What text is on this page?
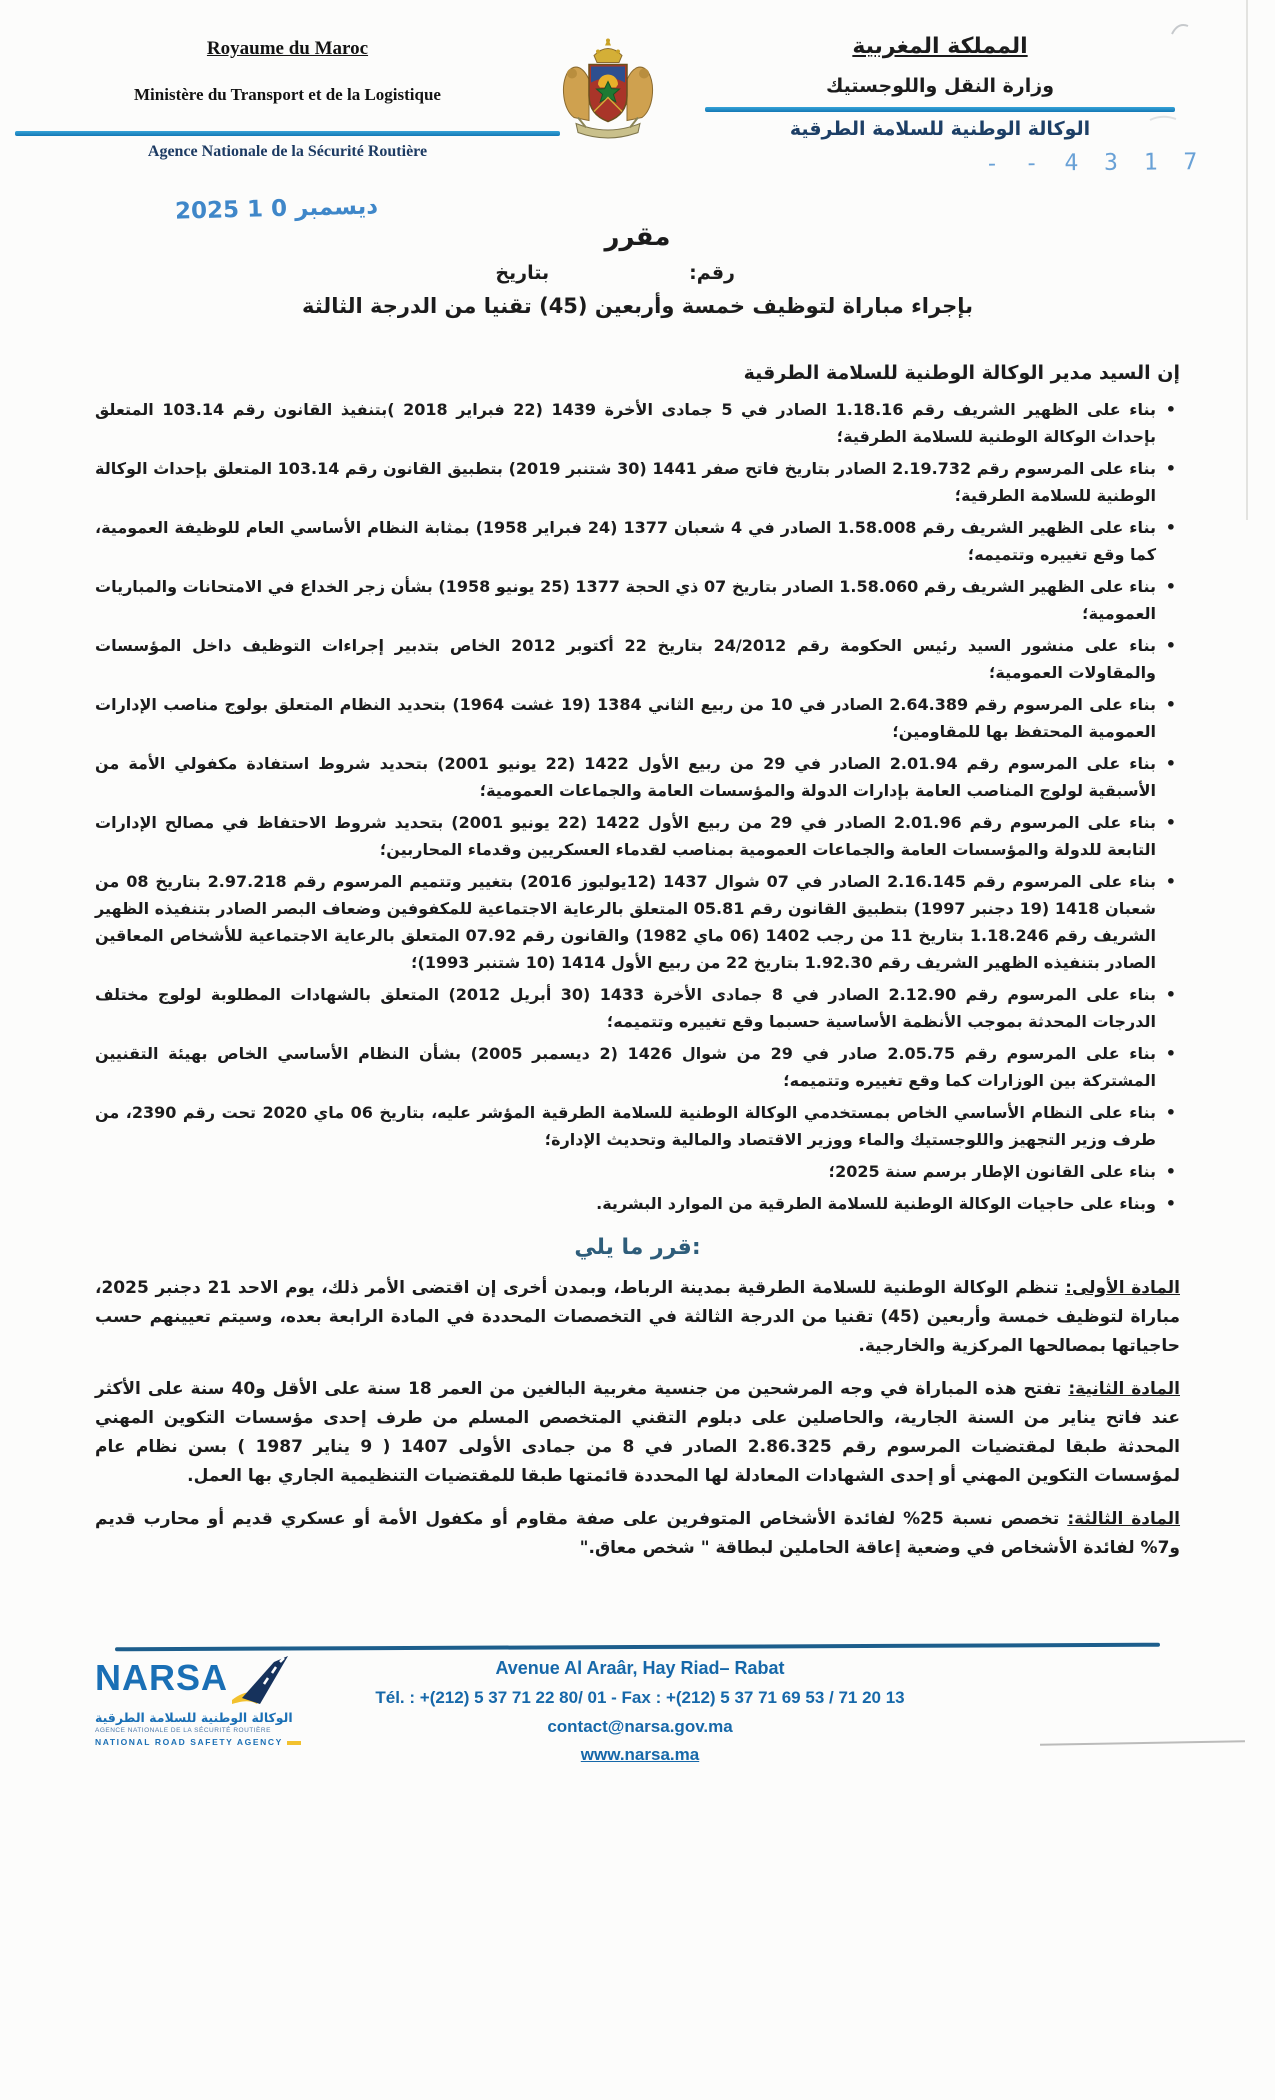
Royaume du Maroc
Ministère du Transport et de la Logistique
Agence Nationale de la Sécurité Routière
المملكة المغربية
وزارة النقل واللوجستيك
الوكالة الوطنية للسلامة الطرقية
- - 4 3 1 7
2025 ديسمبر 0 1
مقرر
رقم:
بتاريخ
بإجراء مباراة لتوظيف خمسة وأربعين (45) تقنيا من الدرجة الثالثة
إن السيد مدير الوكالة الوطنية للسلامة الطرقية
• بناء على الظهير الشريف رقم 1.18.16 الصادر في 5 جمادى الأخرة 1439 (22 فبراير 2018 )بتنفيذ القانون رقم 103.14 المتعلق بإحداث الوكالة الوطنية للسلامة الطرقية؛
• بناء على المرسوم رقم 2.19.732 الصادر بتاريخ فاتح صفر 1441 (30 شتنبر 2019) بتطبيق القانون رقم 103.14 المتعلق بإحداث الوكالة الوطنية للسلامة الطرقية؛
• بناء على الظهير الشريف رقم 1.58.008 الصادر في 4 شعبان 1377 (24 فبراير 1958) بمثابة النظام الأساسي العام للوظيفة العمومية، كما وقع تغييره وتتميمه؛
• بناء على الظهير الشريف رقم 1.58.060 الصادر بتاريخ 07 ذي الحجة 1377 (25 يونيو 1958) بشأن زجر الخداع في الامتحانات والمباريات العمومية؛
• بناء على منشور السيد رئيس الحكومة رقم 24/2012 بتاريخ 22 أكتوبر 2012 الخاص بتدبير إجراءات التوظيف داخل المؤسسات والمقاولات العمومية؛
• بناء على المرسوم رقم 2.64.389 الصادر في 10 من ربيع الثاني 1384 (19 غشت 1964) بتحديد النظام المتعلق بولوج مناصب الإدارات العمومية المحتفظ بها للمقاومين؛
• بناء على المرسوم رقم 2.01.94 الصادر في 29 من ربيع الأول 1422 (22 يونيو 2001) بتحديد شروط استفادة مكفولي الأمة من الأسبقية لولوج المناصب العامة بإدارات الدولة والمؤسسات العامة والجماعات العمومية؛
• بناء على المرسوم رقم 2.01.96 الصادر في 29 من ربيع الأول 1422 (22 يونيو 2001) بتحديد شروط الاحتفاظ في مصالح الإدارات التابعة للدولة والمؤسسات العامة والجماعات العمومية بمناصب لقدماء العسكريين وقدماء المحاربين؛
• بناء على المرسوم رقم 2.16.145 الصادر في 07 شوال 1437 (12يوليوز 2016) بتغيير وتتميم المرسوم رقم 2.97.218 بتاريخ 08 من شعبان 1418 (19 دجنبر 1997) بتطبيق القانون رقم 05.81 المتعلق بالرعاية الاجتماعية للمكفوفين وضعاف البصر الصادر بتنفيذه الظهير الشريف رقم 1.18.246 بتاريخ 11 من رجب 1402 (06 ماي 1982) والقانون رقم 07.92 المتعلق بالرعاية الاجتماعية للأشخاص المعاقين الصادر بتنفيذه الظهير الشريف رقم 1.92.30 بتاريخ 22 من ربيع الأول 1414 (10 شتنبر 1993)؛
• بناء على المرسوم رقم 2.12.90 الصادر في 8 جمادى الأخرة 1433 (30 أبريل 2012) المتعلق بالشهادات المطلوبة لولوج مختلف الدرجات المحدثة بموجب الأنظمة الأساسية حسبما وقع تغييره وتتميمه؛
• بناء على المرسوم رقم 2.05.75 صادر في 29 من شوال 1426 (2 ديسمبر 2005) بشأن النظام الأساسي الخاص بهيئة التقنيين المشتركة بين الوزارات كما وقع تغييره وتتميمه؛
• بناء على النظام الأساسي الخاص بمستخدمي الوكالة الوطنية للسلامة الطرقية المؤشر عليه، بتاريخ 06 ماي 2020 تحت رقم 2390، من طرف وزير التجهيز واللوجستيك والماء ووزير الاقتصاد والمالية وتحديث الإدارة؛
• بناء على القانون الإطار برسم سنة 2025؛
• وبناء على حاجيات الوكالة الوطنية للسلامة الطرقية من الموارد البشرية.
قرر ما يلي:
المادة الأولى: تنظم الوكالة الوطنية للسلامة الطرقية بمدينة الرباط، وبمدن أخرى إن اقتضى الأمر ذلك، يوم الاحد 21 دجنبر 2025، مباراة لتوظيف خمسة وأربعين (45) تقنيا من الدرجة الثالثة في التخصصات المحددة في المادة الرابعة بعده، وسيتم تعيينهم حسب حاجياتها بمصالحها المركزية والخارجية.
المادة الثانية: تفتح هذه المباراة في وجه المرشحين من جنسية مغربية البالغين من العمر 18 سنة على الأقل و40 سنة على الأكثر عند فاتح يناير من السنة الجارية، والحاصلين على دبلوم التقني المتخصص المسلم من طرف إحدى مؤسسات التكوين المهني المحدثة طبقا لمقتضيات المرسوم رقم 2.86.325 الصادر في 8 من جمادى الأولى 1407 ( 9 يناير 1987 ) بسن نظام عام لمؤسسات التكوين المهني أو إحدى الشهادات المعادلة لها المحددة قائمتها طبقا للمقتضيات التنظيمية الجاري بها العمل.
المادة الثالثة: تخصص نسبة 25% لفائدة الأشخاص المتوفرين على صفة مقاوم أو مكفول الأمة أو عسكري قديم أو محارب قديم و7% لفائدة الأشخاص في وضعية إعاقة الحاملين لبطاقة " شخص معاق."
NARSA
الوكالة الوطنية للسلامة الطرقية
AGENCE NATIONALE DE LA SÉCURITÉ ROUTIÈRE
NATIONAL ROAD SAFETY AGENCY
Avenue Al Araâr, Hay Riad– Rabat
Tél. : +(212) 5 37 71 22 80/ 01 - Fax : +(212) 5 37 71 69 53 / 71 20 13
contact@narsa.gov.ma
www.narsa.ma
